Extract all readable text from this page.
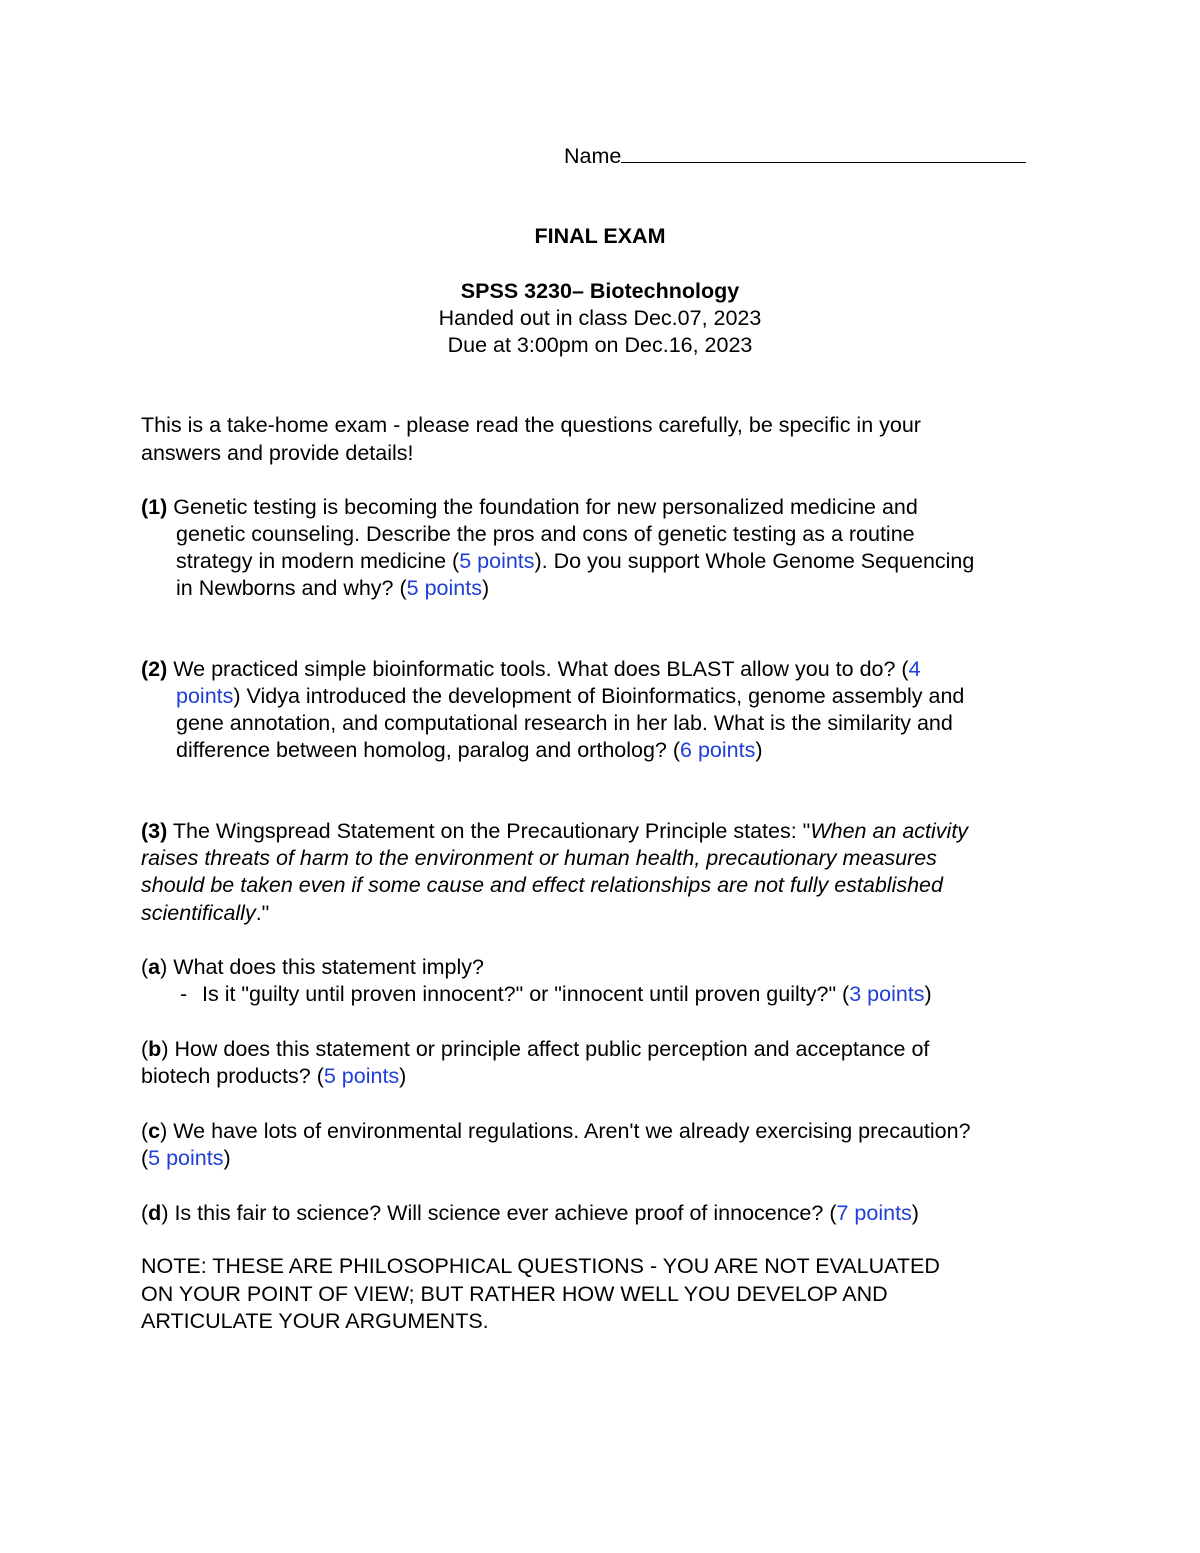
Name
FINAL EXAM
SPSS 3230– Biotechnology
Handed out in class Dec.07, 2023
Due at 3:00pm on Dec.16, 2023
This is a take-home exam - please read the questions carefully, be specific in your
answers and provide details!
(1) Genetic testing is becoming the foundation for new personalized medicine and
genetic counseling. Describe the pros and cons of genetic testing as a routine
strategy in modern medicine (5 points). Do you support Whole Genome Sequencing
in Newborns and why? (5 points)
(2) We practiced simple bioinformatic tools. What does BLAST allow you to do? (4
points) Vidya introduced the development of Bioinformatics, genome assembly and
gene annotation, and computational research in her lab. What is the similarity and
difference between homolog, paralog and ortholog? (6 points)
(3) The Wingspread Statement on the Precautionary Principle states: "When an activity
raises threats of harm to the environment or human health, precautionary measures
should be taken even if some cause and effect relationships are not fully established
scientifically."
(a) What does this statement imply?
- Is it "guilty until proven innocent?" or "innocent until proven guilty?" (3 points)
(b) How does this statement or principle affect public perception and acceptance of
biotech products? (5 points)
(c) We have lots of environmental regulations. Aren't we already exercising precaution?
(5 points)
(d) Is this fair to science? Will science ever achieve proof of innocence? (7 points)
NOTE: THESE ARE PHILOSOPHICAL QUESTIONS - YOU ARE NOT EVALUATED
ON YOUR POINT OF VIEW; BUT RATHER HOW WELL YOU DEVELOP AND
ARTICULATE YOUR ARGUMENTS.
